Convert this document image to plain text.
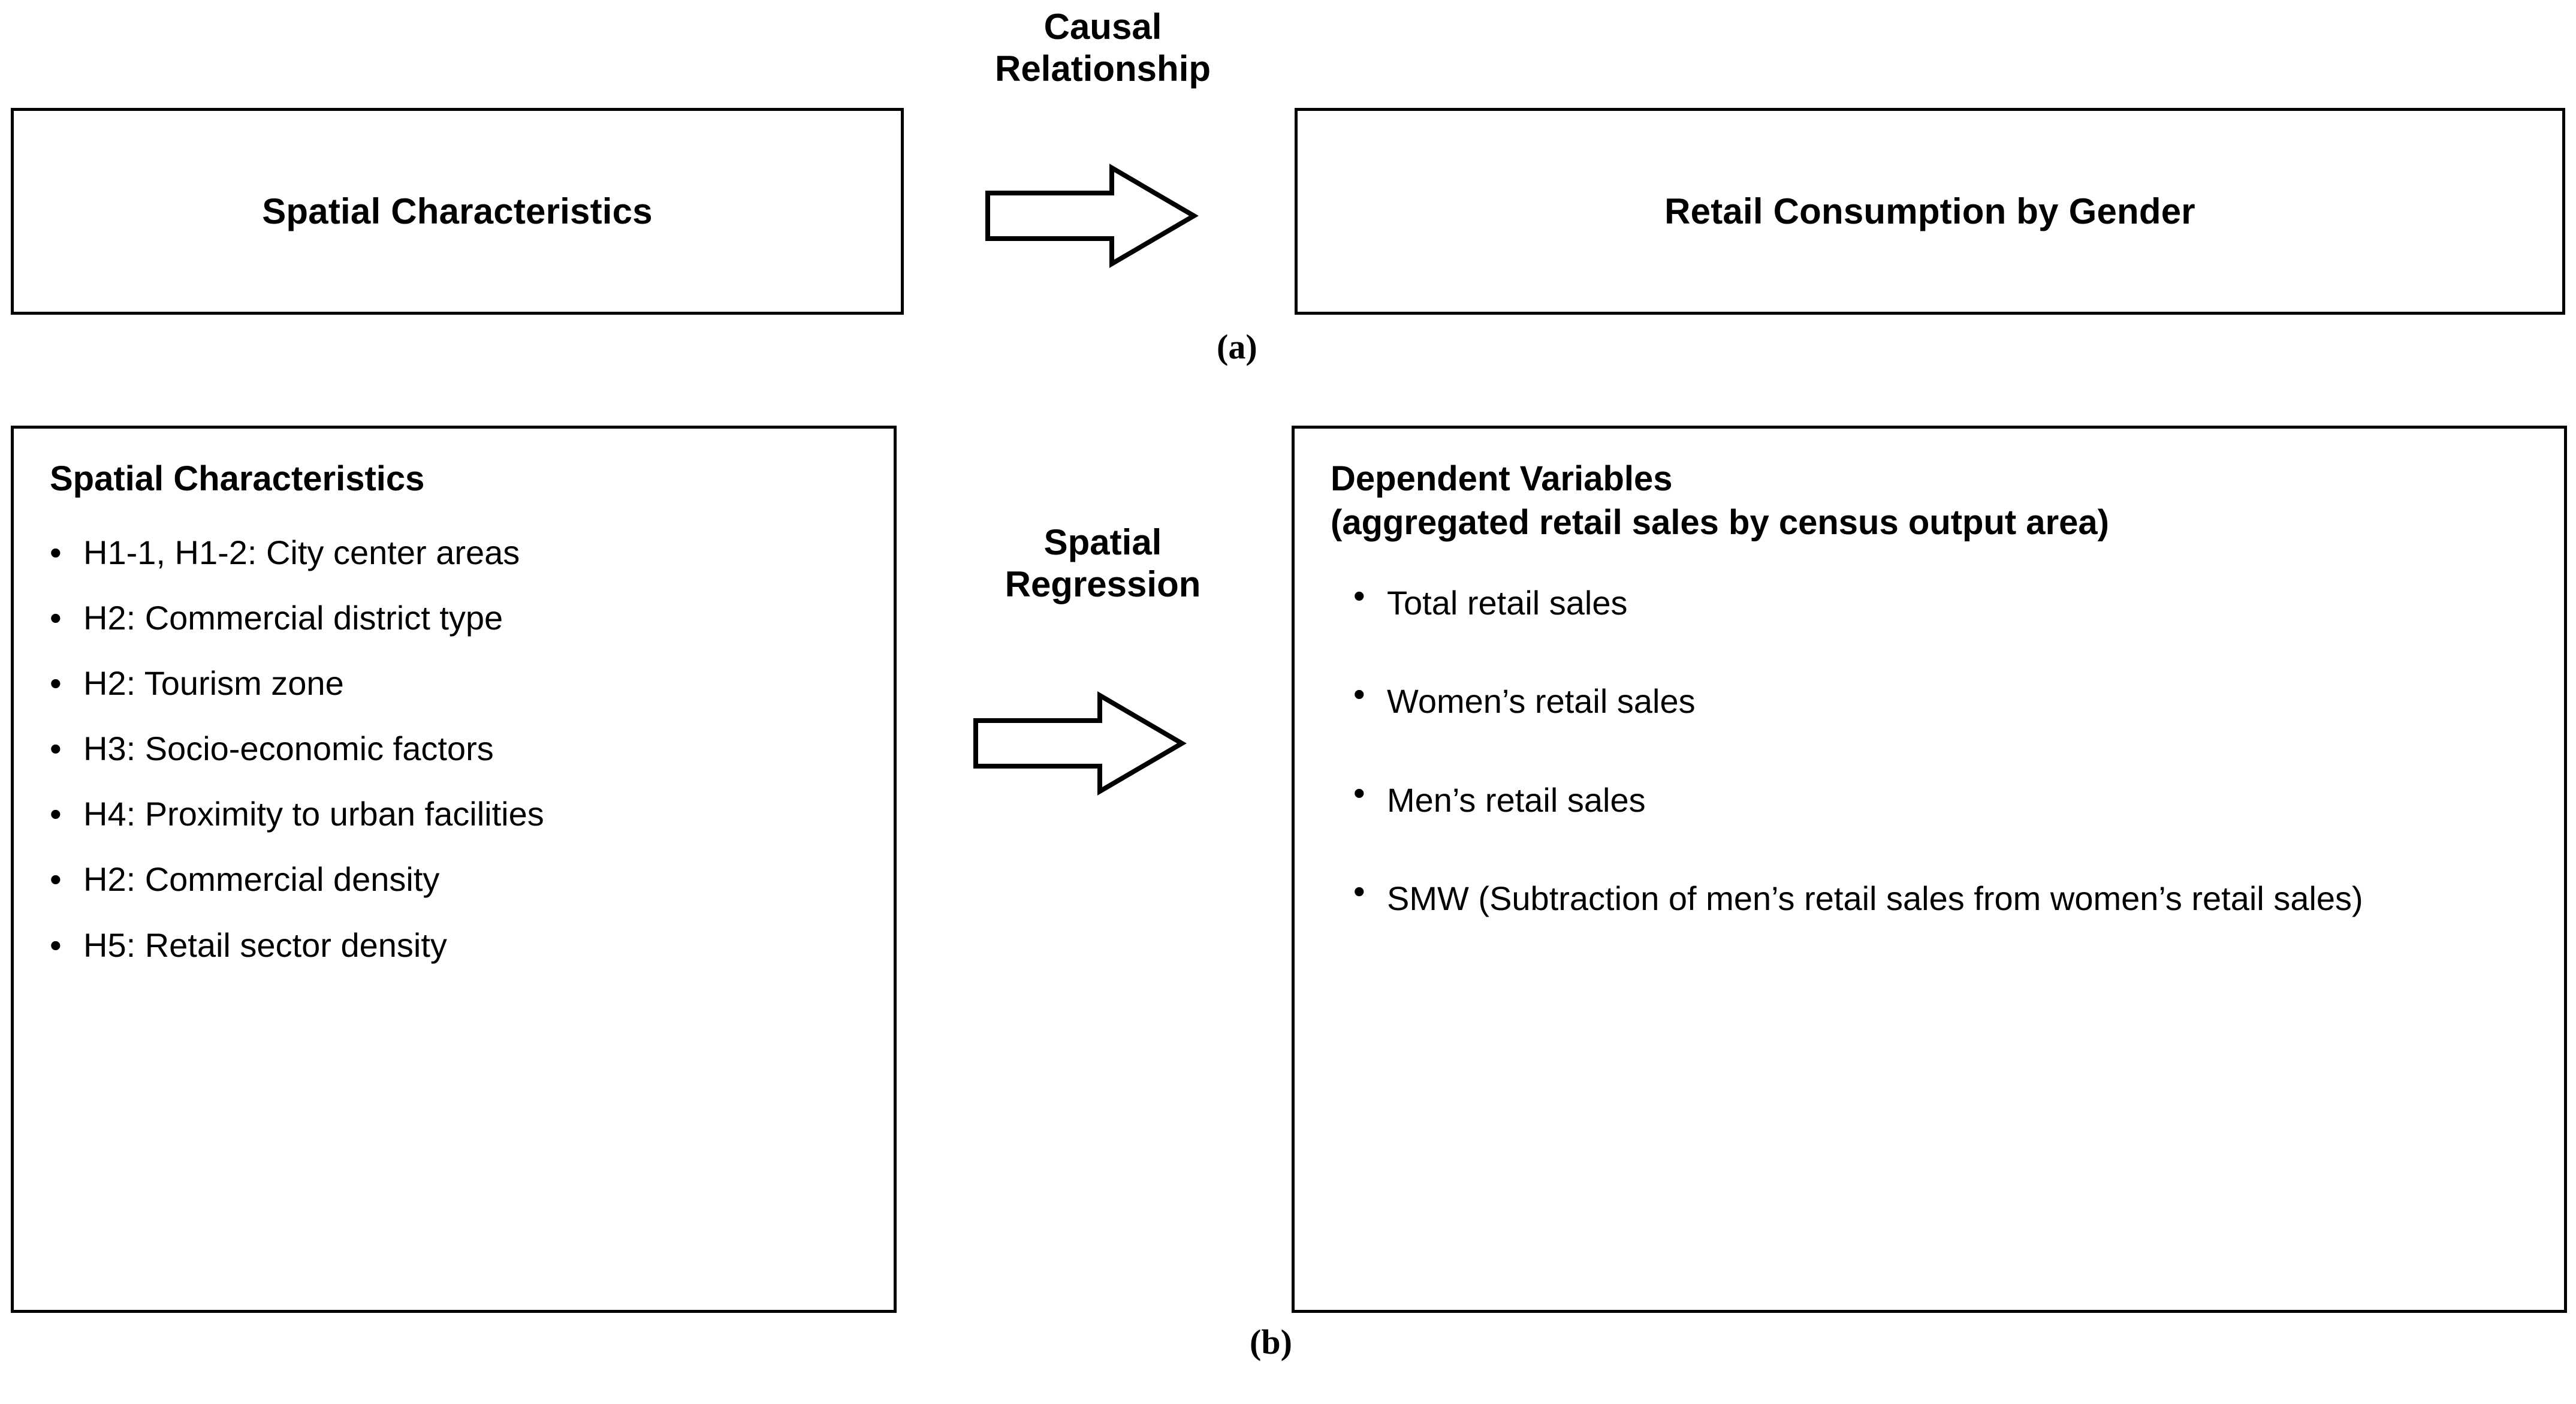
Spatial Characteristics
Causal
Relationship
Retail Consumption by Gender
(a)
Spatial Characteristics
• H1-1, H1-2: City center areas
• H2: Commercial district type
• H2: Tourism zone
• H3: Socio-economic factors
• H4: Proximity to urban facilities
• H2: Commercial density
• H5: Retail sector density
Spatial
Regression
Dependent Variables
(aggregated retail sales by census output area)
• Total retail sales
• Women’s retail sales
• Men’s retail sales
• SMW (Subtraction of men’s retail sales from women’s retail sales)
(b)
